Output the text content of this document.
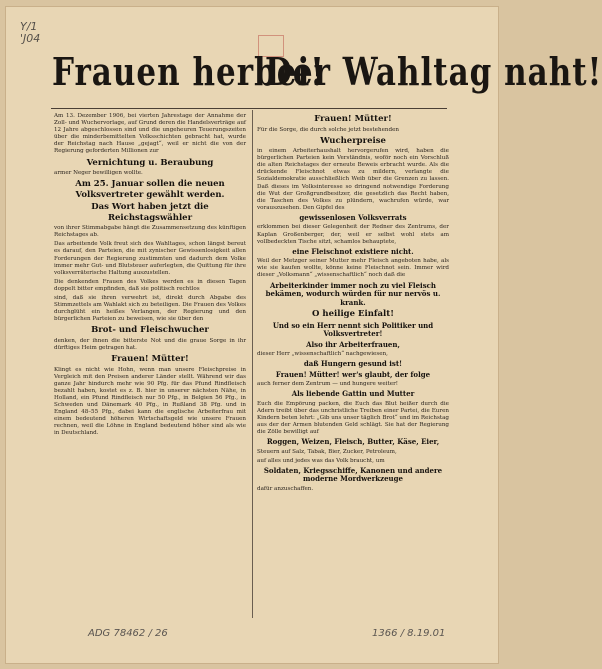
Y/1
'J04
Frauen herbei!
Der Wahltag naht!

Am 13. Dezember 1906, bei vierten Jahrestage der Annahme der Zoll- und Wuchervorlage, auf Grund deren die Handelsverträge auf 12 Jahre abgeschlossen sind und die ungeheuren Teuerungszeiten über die minderbemittelten Volksschichten gebracht hat, wurde der Reichstag nach Hause „gejagt“, weil er nicht die von der Regierung geforderten Millionen zur

Vernichtung u. Beraubung

armer Neger bewilligen wollte.

Am 25. Januar sollen die neuen Volksvertreter gewählt werden.
Das Wort haben jetzt die Reichstagswähler

von ihrer Stimmabgabe hängt die Zusammensetzung des künftigen Reichstages ab.

Das arbeitende Volk freut sich des Wahltages, schon längst bereut es darauf, den Parteien, die mit zynischer Gewissenlosigkeit allen Forderungen der Regierung zustimmten und dadurch dem Volke immer mehr Gut- und Blutsteuer auferlegten, die Quittung für ihre volksverräterische Haltung auszustellen.

Die denkenden Frauen des Volkes werden es in diesen Tagen doppelt bitter empfinden, daß sie politisch rechtlos

sind, daß sie ihren verwehrt ist, direkt durch Abgabe des Stimmzettels am Wahlakt sich zu beteiligen. Die Frauen des Volkes durchglüht ein heißes Verlangen, der Regierung und den bürgerlichen Parteien zu beweisen, wie sie über den

Brot- und Fleischwucher

denken, der ihnen die bitterste Not und die graue Sorge in ihr dürftiges Heim getragen hat.

Frauen! Mütter!

Klingt es nicht wie Hohn, wenn man unsere Fleischpreise in Vergleich mit den Preisen anderer Länder stellt. Während wir das ganze Jahr hindurch mehr wie 90 Pfg. für das Pfund Rindfleisch bezahlt haben, kostet es z. B. hier in unserer nächsten Nähe, in Holland, ein Pfund Rindfleisch nur 50 Pfg., in Belgien 56 Pfg., in Schweden und Dänemark 40 Pfg., in Rußland 38 Pfg. und in England 48–55 Pfg., dabei kann die englische Arbeiterfrau mit einem bedeutend höheren Wirtschaftsgeld wie unsere Frauen rechnen, weil die Löhne in England bedeutend höher sind als wie in Deutschland.

Frauen! Mütter!

Für die Sorge, die durch solche jetzt bestehenden

Wucherpreise

in einem Arbeiterhaushalt hervorgerufen wird, haben die bürgerlichen Parteien kein Verständnis, woför noch ein Vorschluß die alten Reichstages der erneute Beweis erbracht wurde. Als die drückende Fleischnot etwas zu mildern, verlangte die Sozialdemokratie ausschließlich Weib über die Grenzen zu lassen. Daß dieses im Volksinteresse so dringend notwendige Forderung die Wut der Großgrundbesitzer, die gesetzlich das Recht haben, die Taschen des Volkes zu plündern, wachrufen würde, war vorauszusehen. Den Gipfel des

gewissenlosen Volksverrats

erklommen bei dieser Gelegenheit der Redner des Zentrums, der Kaplan Großenberger, der, weil er selbst wohl stets am vollbedeckten Tische sitzt, schamlos behauptete,

eine Fleischnot existiere nicht.

Weil der Metzger seiner Mutter mehr Fleisch angeboten habe, als wie sie kaufen wollte, könne keine Fleischnot sein. Immer wird dieser „Volksmann“ „wissenschaftlich“ noch daß die

Arbeiterkinder immer noch zu viel Fleisch bekämen, wodurch würden für nur nervös u. krank.
O heilige Einfalt!
Und so ein Herr nennt sich Politiker und Volksvertreter!
Also ihr Arbeiterfrauen,

dieser Herr „wissenschaftlich“ nachgewiesen,

daß Hungern gesund ist!
Frauen! Mütter! wer's glaubt, der folge

auch ferner dem Zentrum — und hungere weiter!

Als liebende Gattin und Mutter

Euch die Empörung packen, die Euch das Blut heißer durch die Adern treibt über das unchristliche Treiben einer Partei, die Euren Kindern beten lehrt: „Gib uns unser täglich Brot“ und im Reichstag aus der der Armen blutenden Geld schlägt. Sie hat der Regierung die Zölle bewilligt auf

Roggen, Weizen, Fleisch, Butter, Käse, Eier,

Steuern auf Salz, Tabak, Bier, Zucker, Petroleum,

auf alles und jedes was das Volk braucht, um

Soldaten, Kriegsschiffe, Kanonen und andere moderne Mordwerkzeuge

dafür anzuschaffen.

ADG 78462 / 26	1366 / 8.19.01
